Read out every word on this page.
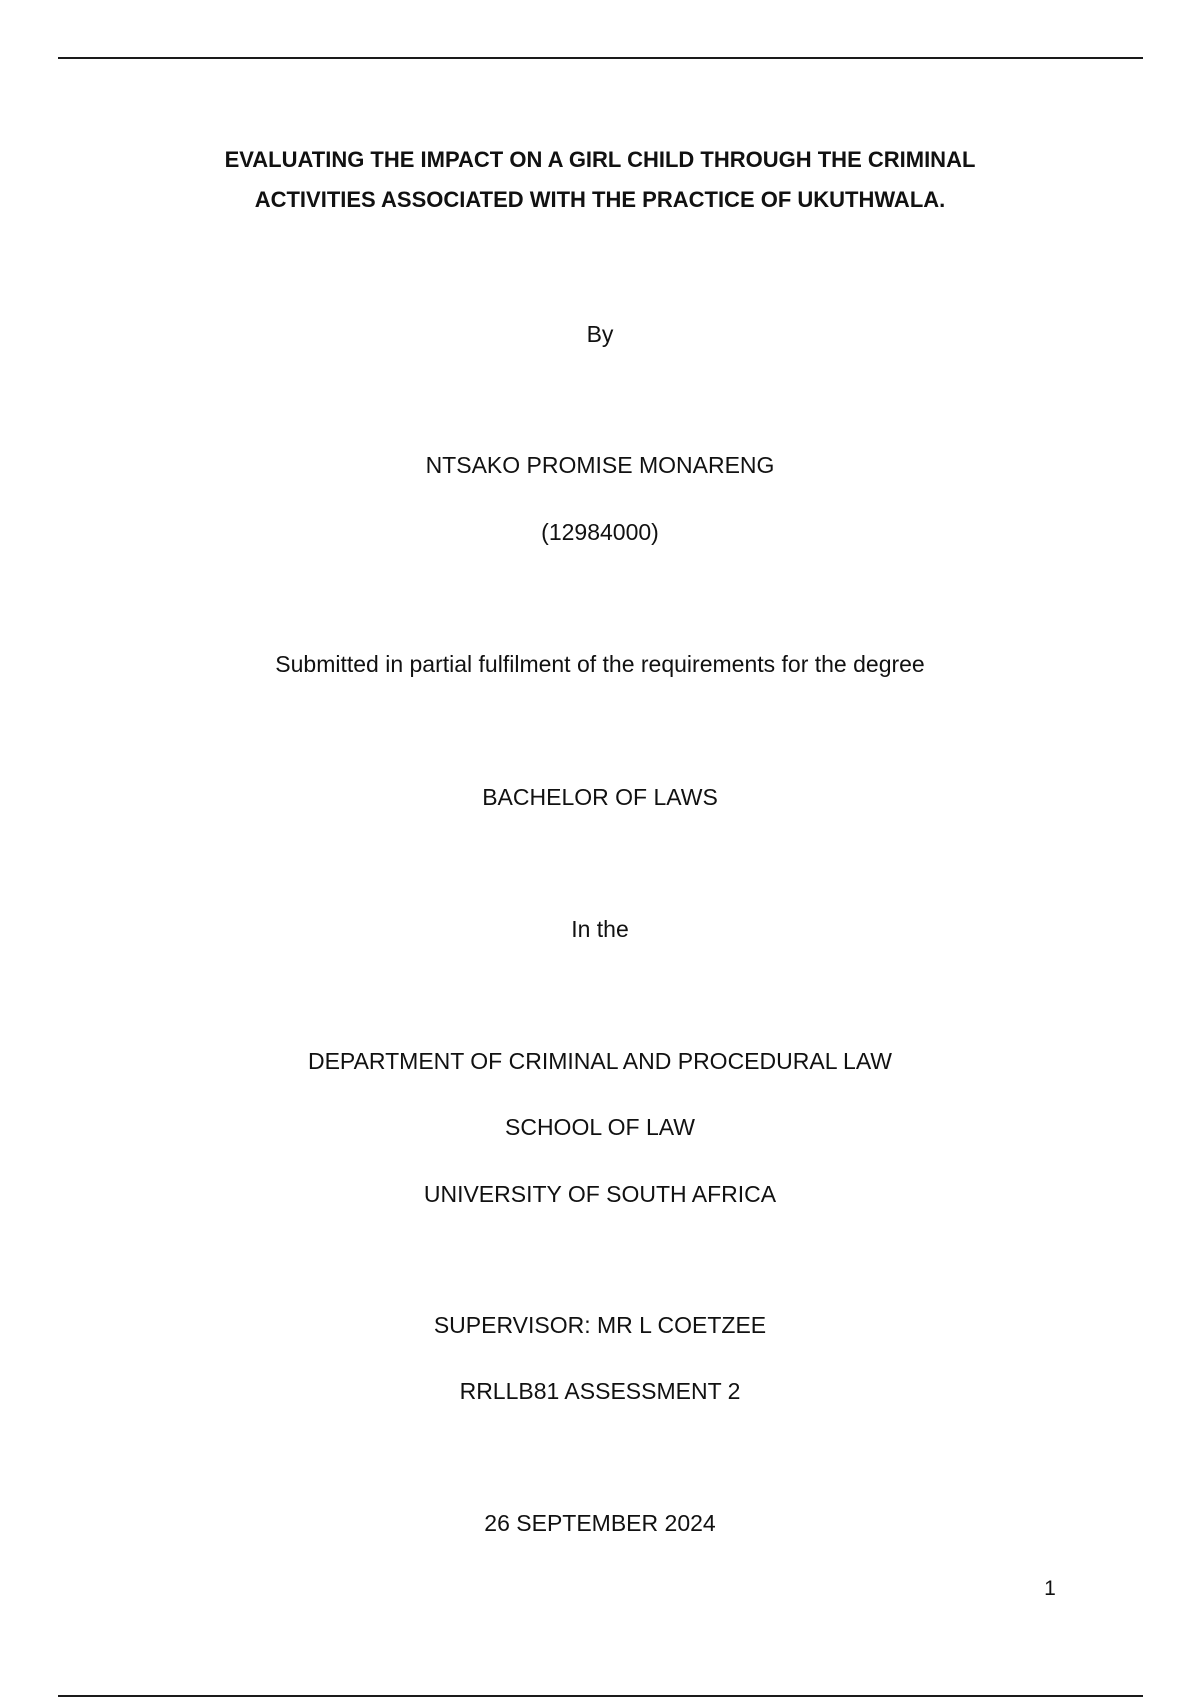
EVALUATING THE IMPACT ON A GIRL CHILD THROUGH THE CRIMINAL
ACTIVITIES ASSOCIATED WITH THE PRACTICE OF UKUTHWALA.
By
NTSAKO PROMISE MONARENG
(12984000)
Submitted in partial fulfilment of the requirements for the degree
BACHELOR OF LAWS
In the
DEPARTMENT OF CRIMINAL AND PROCEDURAL LAW
SCHOOL OF LAW
UNIVERSITY OF SOUTH AFRICA
SUPERVISOR: MR L COETZEE
RRLLB81 ASSESSMENT 2
26 SEPTEMBER 2024
1
